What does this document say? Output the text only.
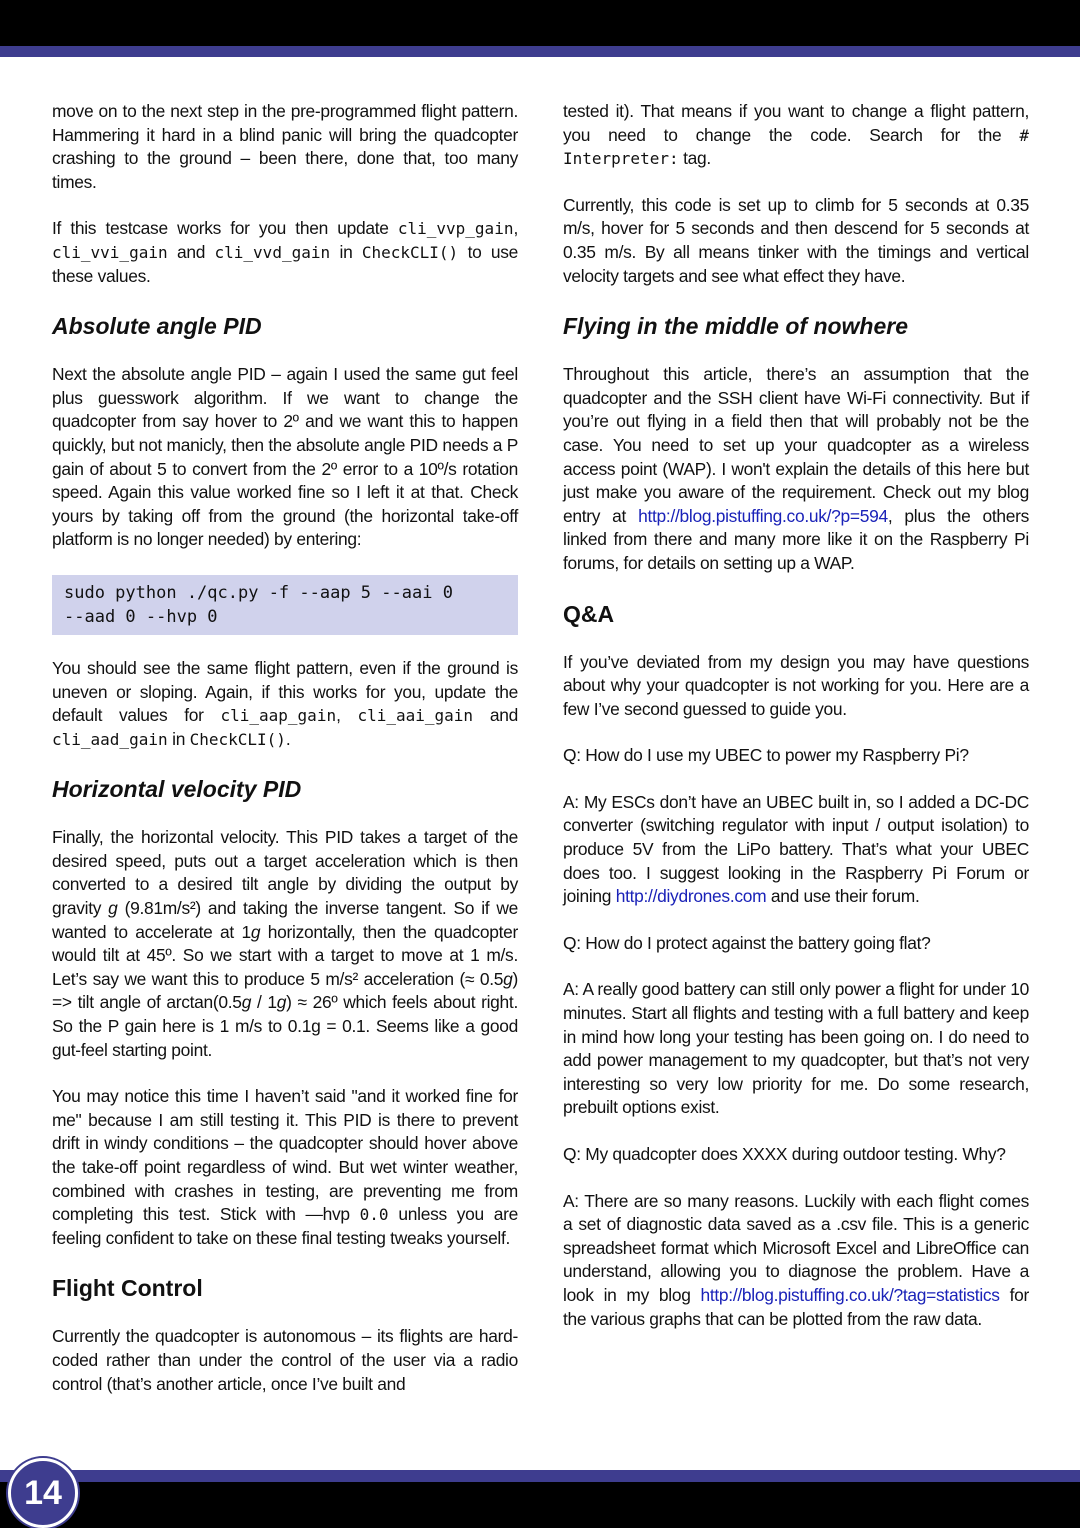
move on to the next step in the pre-programmed flight pattern. Hammering it hard in a blind panic will bring the quadcopter crashing to the ground – been there, done that, too many times.

If this testcase works for you then update cli_vvp_gain, cli_vvi_gain and cli_vvd_gain in CheckCLI() to use these values.

Absolute angle PID

Next the absolute angle PID – again I used the same gut feel plus guesswork algorithm. If we want to change the quadcopter from say hover to 2º and we want this to happen quickly, but not manicly, then the absolute angle PID needs a P gain of about 5 to convert from the 2º error to a 10º/s rotation speed. Again this value worked fine so I left it at that. Check yours by taking off from the ground (the horizontal take-off platform is no longer needed) by entering:

sudo python ./qc.py -f --aap 5 --aai 0
--aad 0 --hvp 0

You should see the same flight pattern, even if the ground is uneven or sloping. Again, if this works for you, update the default values for cli_aap_gain, cli_aai_gain and cli_aad_gain in CheckCLI().

Horizontal velocity PID

Finally, the horizontal velocity. This PID takes a target of the desired speed, puts out a target acceleration which is then converted to a desired tilt angle by dividing the output by gravity g (9.81m/s²) and taking the inverse tangent. So if we wanted to accelerate at 1g horizontally, then the quadcopter would tilt at 45º. So we start with a target to move at 1 m/s. Let’s say we want this to produce 5 m/s² acceleration (≈ 0.5g) => tilt angle of arctan(0.5g / 1g) ≈ 26º which feels about right. So the P gain here is 1 m/s to 0.1g = 0.1. Seems like a good gut-feel starting point.

You may notice this time I haven’t said "and it worked fine for me" because I am still testing it. This PID is there to prevent drift in windy conditions – the quadcopter should hover above the take-off point regardless of wind. But wet winter weather, combined with crashes in testing, are preventing me from completing this test. Stick with —hvp 0.0 unless you are feeling confident to take on these final testing tweaks yourself.

Flight Control

Currently the quadcopter is autonomous – its flights are hard-coded rather than under the control of the user via a radio control (that’s another article, once I’ve built and

tested it). That means if you want to change a flight pattern, you need to change the code. Search for the # Interpreter: tag.

Currently, this code is set up to climb for 5 seconds at 0.35 m/s, hover for 5 seconds and then descend for 5 seconds at 0.35 m/s. By all means tinker with the timings and vertical velocity targets and see what effect they have.

Flying in the middle of nowhere

Throughout this article, there’s an assumption that the quadcopter and the SSH client have Wi-Fi connectivity. But if you’re out flying in a field then that will probably not be the case. You need to set up your quadcopter as a wireless access point (WAP). I won't explain the details of this here but just make you aware of the requirement. Check out my blog entry at http://blog.pistuffing.co.uk/?p=594, plus the others linked from there and many more like it on the Raspberry Pi forums, for details on setting up a WAP.

Q&A

If you’ve deviated from my design you may have questions about why your quadcopter is not working for you. Here are a few I’ve second guessed to guide you.

Q: How do I use my UBEC to power my Raspberry Pi?

A: My ESCs don’t have an UBEC built in, so I added a DC-DC converter (switching regulator with input / output isolation) to produce 5V from the LiPo battery. That’s what your UBEC does too. I suggest looking in the Raspberry Pi Forum or joining http://diydrones.com and use their forum.

Q: How do I protect against the battery going flat?

A: A really good battery can still only power a flight for under 10 minutes. Start all flights and testing with a full battery and keep in mind how long your testing has been going on. I do need to add power management to my quadcopter, but that’s not very interesting so very low priority for me. Do some research, prebuilt options exist.

Q: My quadcopter does XXXX during outdoor testing. Why?

A: There are so many reasons. Luckily with each flight comes a set of diagnostic data saved as a .csv file. This is a generic spreadsheet format which Microsoft Excel and LibreOffice can understand, allowing you to diagnose the problem. Have a look in my blog http://blog.pistuffing.co.uk/?tag=statistics for the various graphs that can be plotted from the raw data.

14
